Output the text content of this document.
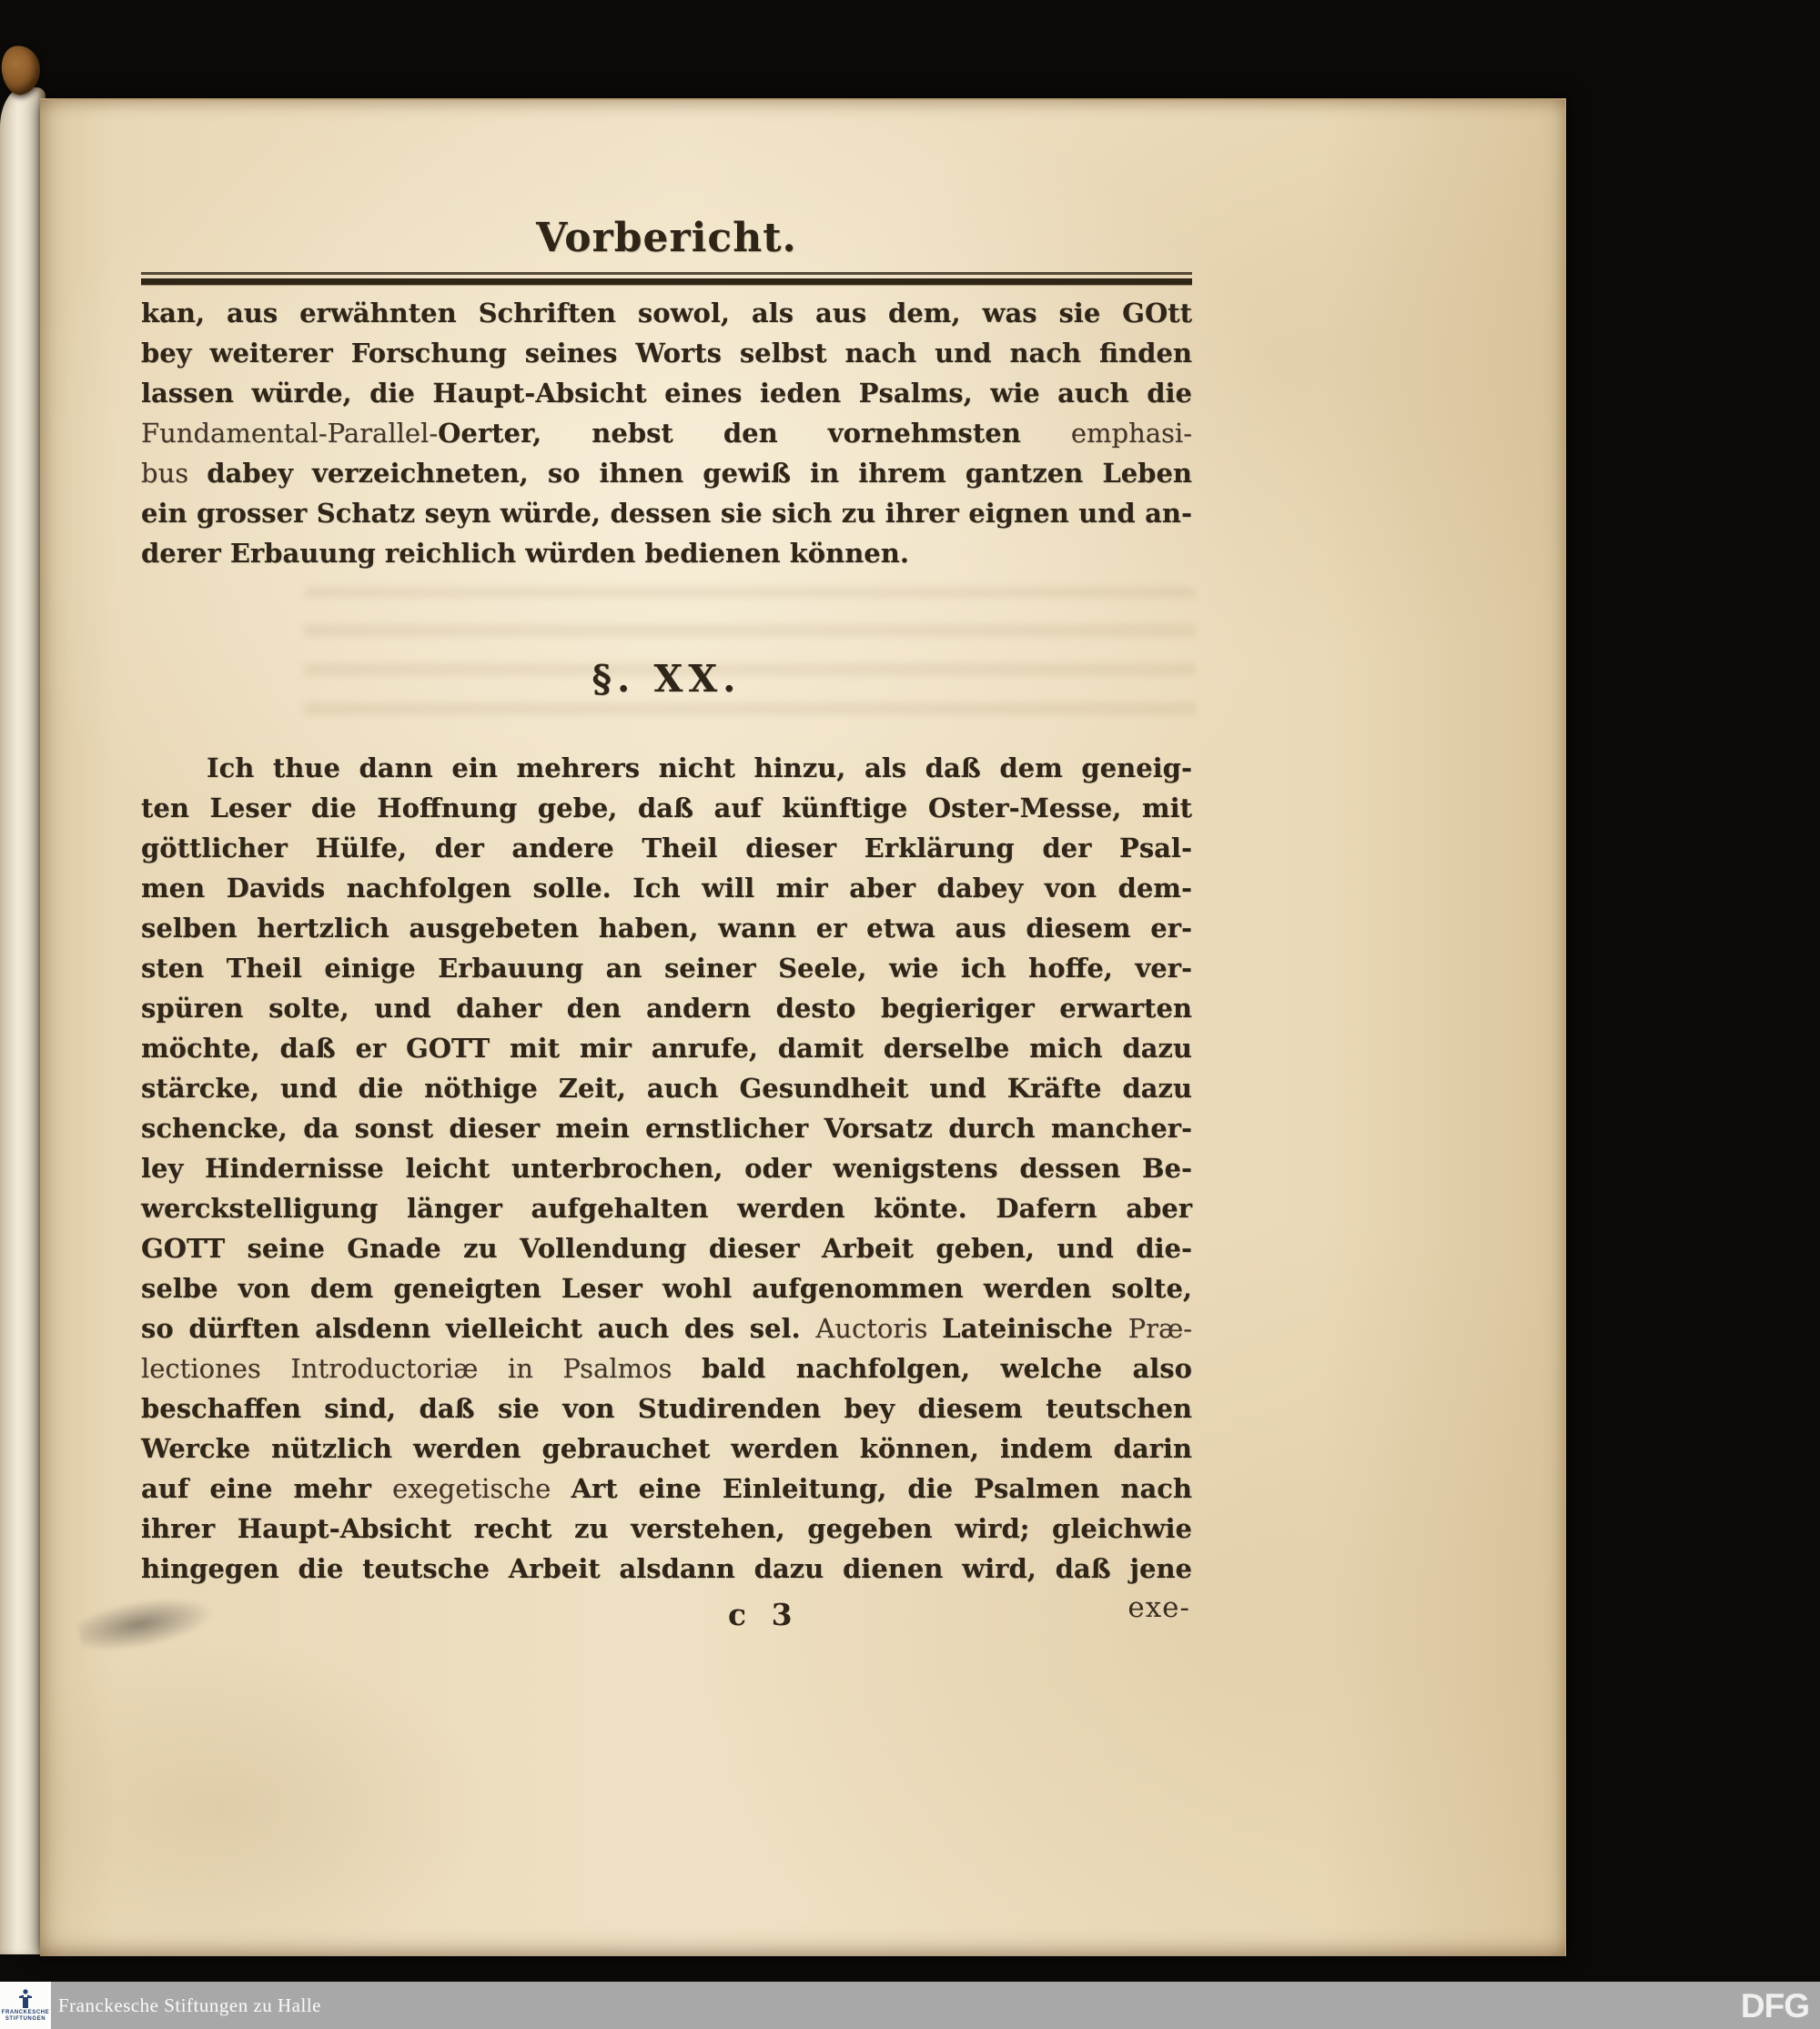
Vorbericht.
kan, aus erwähnten Schriften sowol, als aus dem, was sie GOtt
bey weiterer Forschung seines Worts selbst nach und nach finden
lassen würde, die Haupt-Absicht eines ieden Psalms, wie auch die
Fundamental-Parallel-Oerter, nebst den vornehmsten emphasi-
bus dabey verzeichneten, so ihnen gewiß in ihrem gantzen Leben
ein grosser Schatz seyn würde, dessen sie sich zu ihrer eignen und an-
derer Erbauung reichlich würden bedienen können.
§. XX.
Ich thue dann ein mehrers nicht hinzu, als daß dem geneig-
ten Leser die Hoffnung gebe, daß auf künftige Oster-Messe, mit
göttlicher Hülfe, der andere Theil dieser Erklärung der Psal-
men Davids nachfolgen solle. Ich will mir aber dabey von dem-
selben hertzlich ausgebeten haben, wann er etwa aus diesem er-
sten Theil einige Erbauung an seiner Seele, wie ich hoffe, ver-
spüren solte, und daher den andern desto begieriger erwarten
möchte, daß er GOTT mit mir anrufe, damit derselbe mich dazu
stärcke, und die nöthige Zeit, auch Gesundheit und Kräfte dazu
schencke, da sonst dieser mein ernstlicher Vorsatz durch mancher-
ley Hindernisse leicht unterbrochen, oder wenigstens dessen Be-
werckstelligung länger aufgehalten werden könte. Dafern aber
GOTT seine Gnade zu Vollendung dieser Arbeit geben, und die-
selbe von dem geneigten Leser wohl aufgenommen werden solte,
so dürften alsdenn vielleicht auch des sel. Auctoris Lateinische Præ-
lectiones Introductoriæ in Psalmos bald nachfolgen, welche also
beschaffen sind, daß sie von Studirenden bey diesem teutschen
Wercke nützlich werden gebrauchet werden können, indem darin
auf eine mehr exegetische Art eine Einleitung, die Psalmen nach
ihrer Haupt-Absicht recht zu verstehen, gegeben wird; gleichwie
hingegen die teutsche Arbeit alsdann dazu dienen wird, daß jene
c 3	exe-
FRANCKESCHE
STIFTUNGEN
Franckesche Stiftungen zu Halle	DFG
